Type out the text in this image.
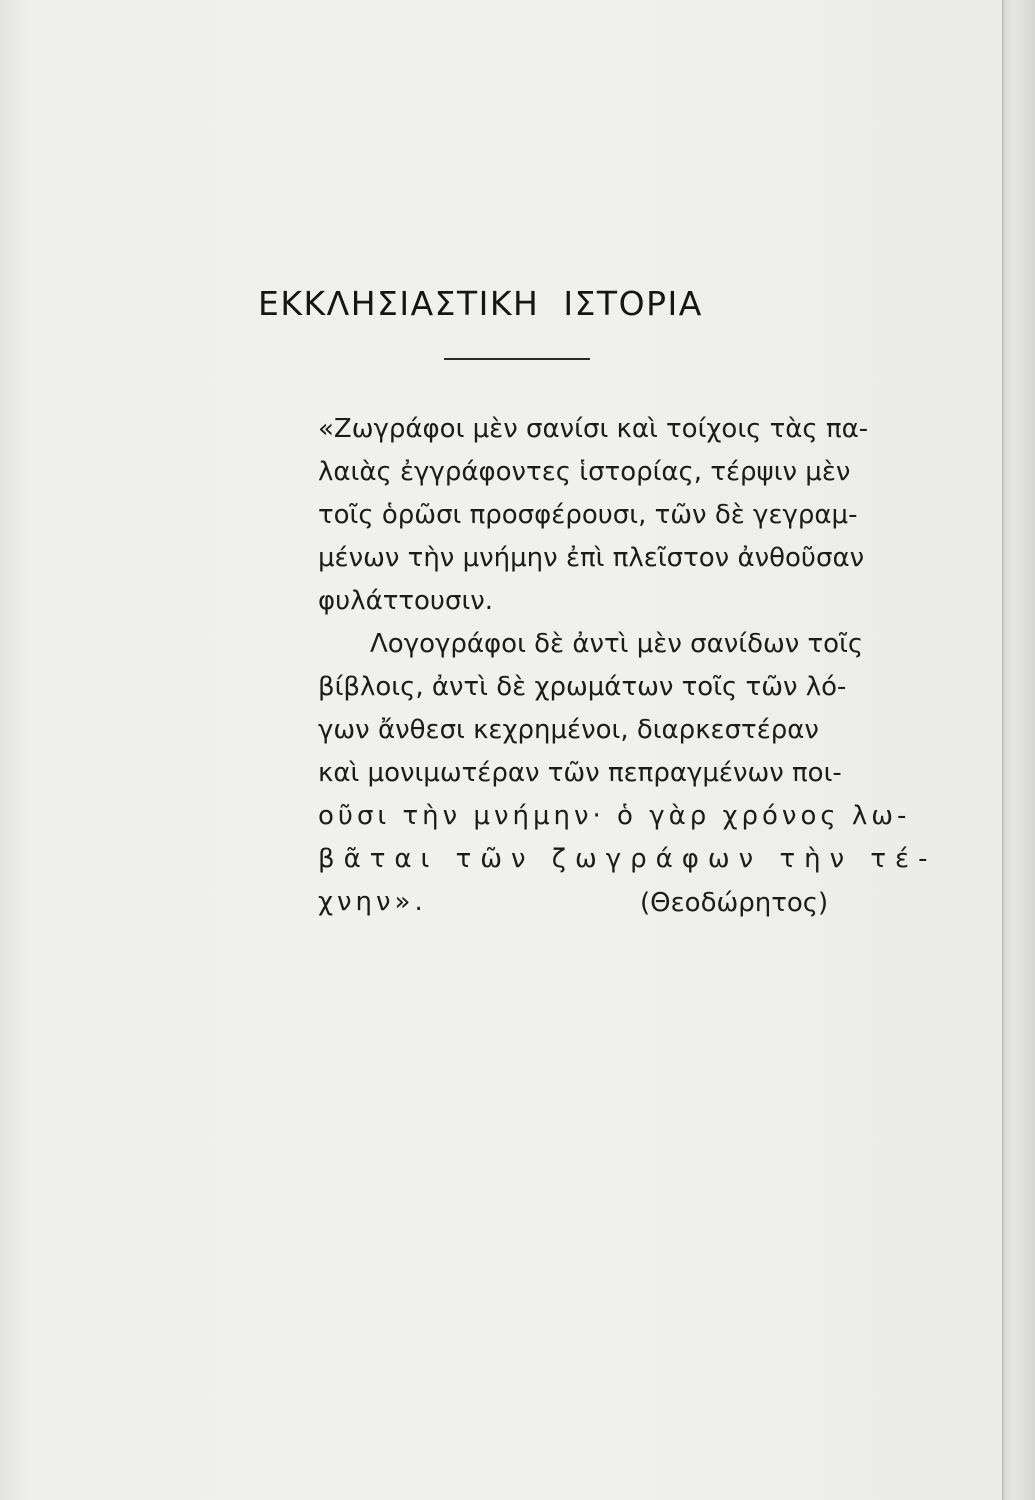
ΕΚΚΛΗΣΙΑΣΤΙΚΗ  ΙΣΤΟΡΙΑ
«Ζωγράφοι μὲν σανίσι καὶ τοίχοις τὰς πα-
λαιὰς ἐγγράφοντες ἱστορίας, τέρψιν μὲν
τοῖς ὁρῶσι προσφέρουσι, τῶν δὲ γεγραμ-
μένων τὴν μνήμην ἐπὶ πλεῖστον ἀνθοῦσαν
φυλάττουσιν.
Λογογράφοι δὲ ἀντὶ μὲν σανίδων τοῖς
βίβλοις, ἀντὶ δὲ χρωμάτων τοῖς τῶν λό-
γων ἄνθεσι κεχρημένοι, διαρκεστέραν
καὶ μονιμωτέραν τῶν πεπραγμένων ποι-
οῦσι τὴν μνήμην· ὁ γὰρ χρόνος λω-
βᾶται τῶν ζωγράφων τὴν τέ-
χνην».	(Θεοδώρητος)
